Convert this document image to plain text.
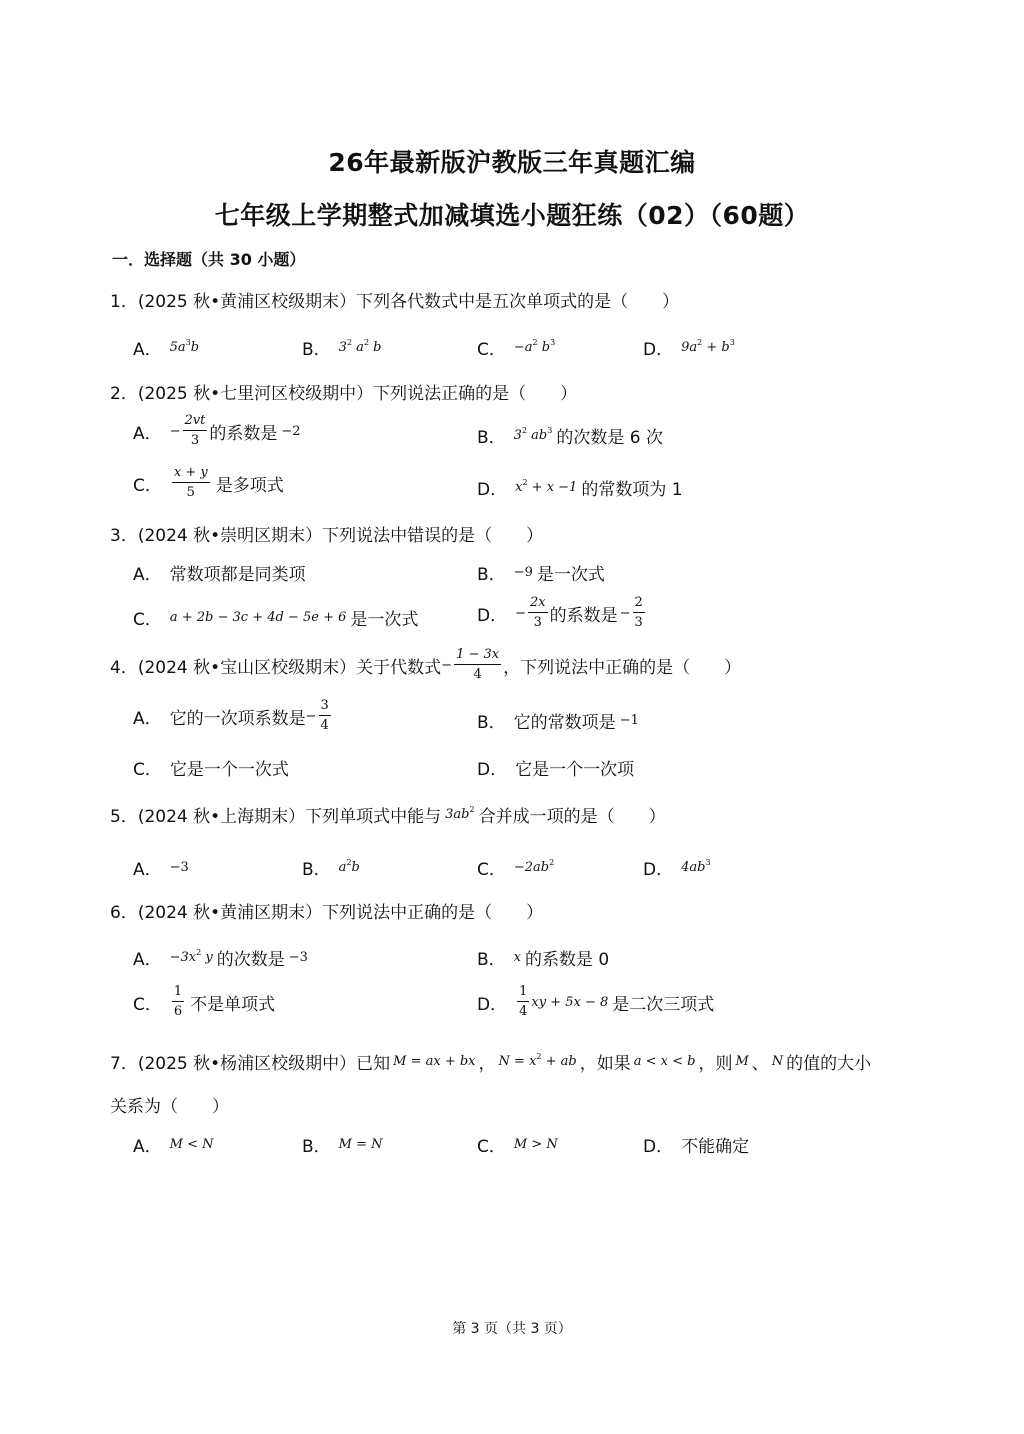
26年最新版沪教版三年真题汇编
七年级上学期整式加减填选小题狂练（02）（60题）
一．选择题（共 30 小题）
1．(2025 秋•黄浦区校级期末）下列各代数式中是五次单项式的是（　　）
A． $5a^3b$	B． $3^2$ $a^2$ b	C． $-a^2$ $b^3$	D． $9a^2 + b^3$
2．(2025 秋•七里河区校级期中）下列说法正确的是（　　）
A． − $\frac{2vt}{3}$ 的系数是 −2	B． $3^2$ $ab^3$ 的次数是 6 次
C． $\frac{x + y}{5}$ 是多项式	D． $x^2 + x -1$ 的常数项为 1
3．(2024 秋•崇明区期末）下列说法中错误的是（　　）
A． 常数项都是同类项	B． −9 是一次式
C． a + 2b − 3c + 4d − 5e + 6 是一次式	D． − $\frac{2x}{3}$ 的系数是 − $\frac{2}{3}$
4．(2024 秋•宝山区校级期末）关于代数式 − $\frac{1 - 3x}{4}$ ，下列说法中正确的是（　　）
A． 它的一次项系数是 − $\frac{3}{4}$	B． 它的常数项是 −1
C． 它是一个一次式	D． 它是一个一次项
5．(2024 秋•上海期末）下列单项式中能与 $3ab^2$ 合并成一项的是（　　）
A． −3	B． $a^2b$	C． $-2ab^2$	D． $4ab^3$
6．(2024 秋•黄浦区期末）下列说法中正确的是（　　）
A． $-3x^2$ y 的次数是 −3	B． x 的系数是 0
C． $\frac{1}{6}$ 不是单项式	D． $\frac{1}{4}$ xy + 5x − 8 是二次三项式
7．(2025 秋•杨浦区校级期中）已知 M = ax + bx ， $N = x^2$ + ab ，如果 a < x < b ，则 M 、 N 的值的大小
关系为（　　）
A． M < N	B． M = N	C． M > N	D． 不能确定
第 3 页（共 3 页）
